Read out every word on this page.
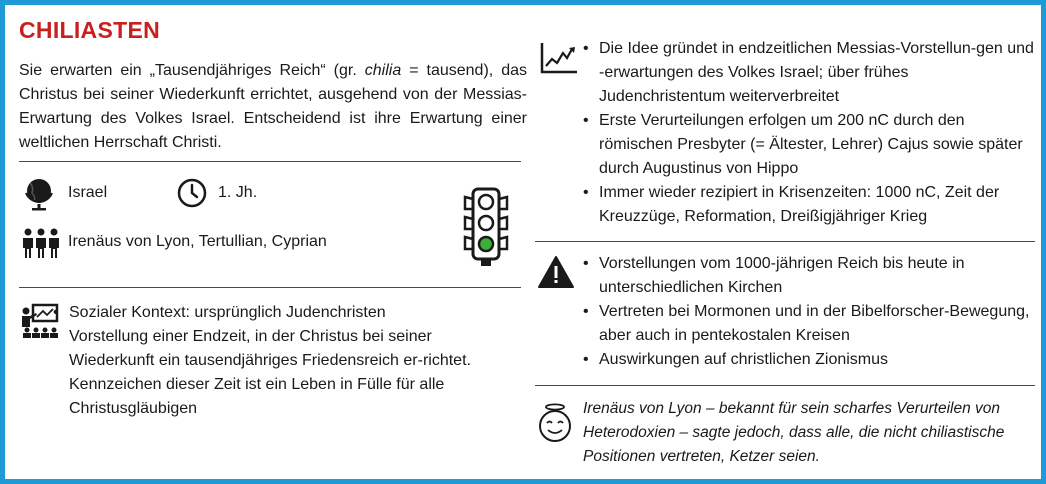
CHILIASTEN
Sie erwarten ein „Tausendjähriges Reich“ (gr. chilia = tausend), das Christus bei seiner Wiederkunft errichtet, ausgehend von der Messias-Erwartung des Volkes Israel. Entscheidend ist ihre Erwartung einer weltlichen Herrschaft Christi.
Israel	1. Jh.
Irenäus von Lyon, Tertullian, Cyprian
• Sozialer Kontext: ursprünglich Judenchristen
• Vorstellung einer Endzeit, in der Christus bei seiner Wiederkunft ein tausendjähriges Friedensreich er-richtet. Kennzeichen dieser Zeit ist ein Leben in Fülle für alle Christusgläubigen
• Die Idee gründet in endzeitlichen Messias-Vorstellun-gen und -erwartungen des Volkes Israel; über frühes Judenchristentum weiterverbreitet
• Erste Verurteilungen erfolgen um 200 nC durch den römischen Presbyter (= Ältester, Lehrer) Cajus sowie später durch Augustinus von Hippo
• Immer wieder rezipiert in Krisenzeiten: 1000 nC, Zeit der Kreuzzüge, Reformation, Dreißigjähriger Krieg
• Vorstellungen vom 1000-jährigen Reich bis heute in unterschiedlichen Kirchen
• Vertreten bei Mormonen und in der Bibelforscher-Bewegung, aber auch in pentekostalen Kreisen
• Auswirkungen auf christlichen Zionismus
Irenäus von Lyon – bekannt für sein scharfes Verurteilen von Heterodoxien – sagte jedoch, dass alle, die nicht chiliastische Positionen vertreten, Ketzer seien.
